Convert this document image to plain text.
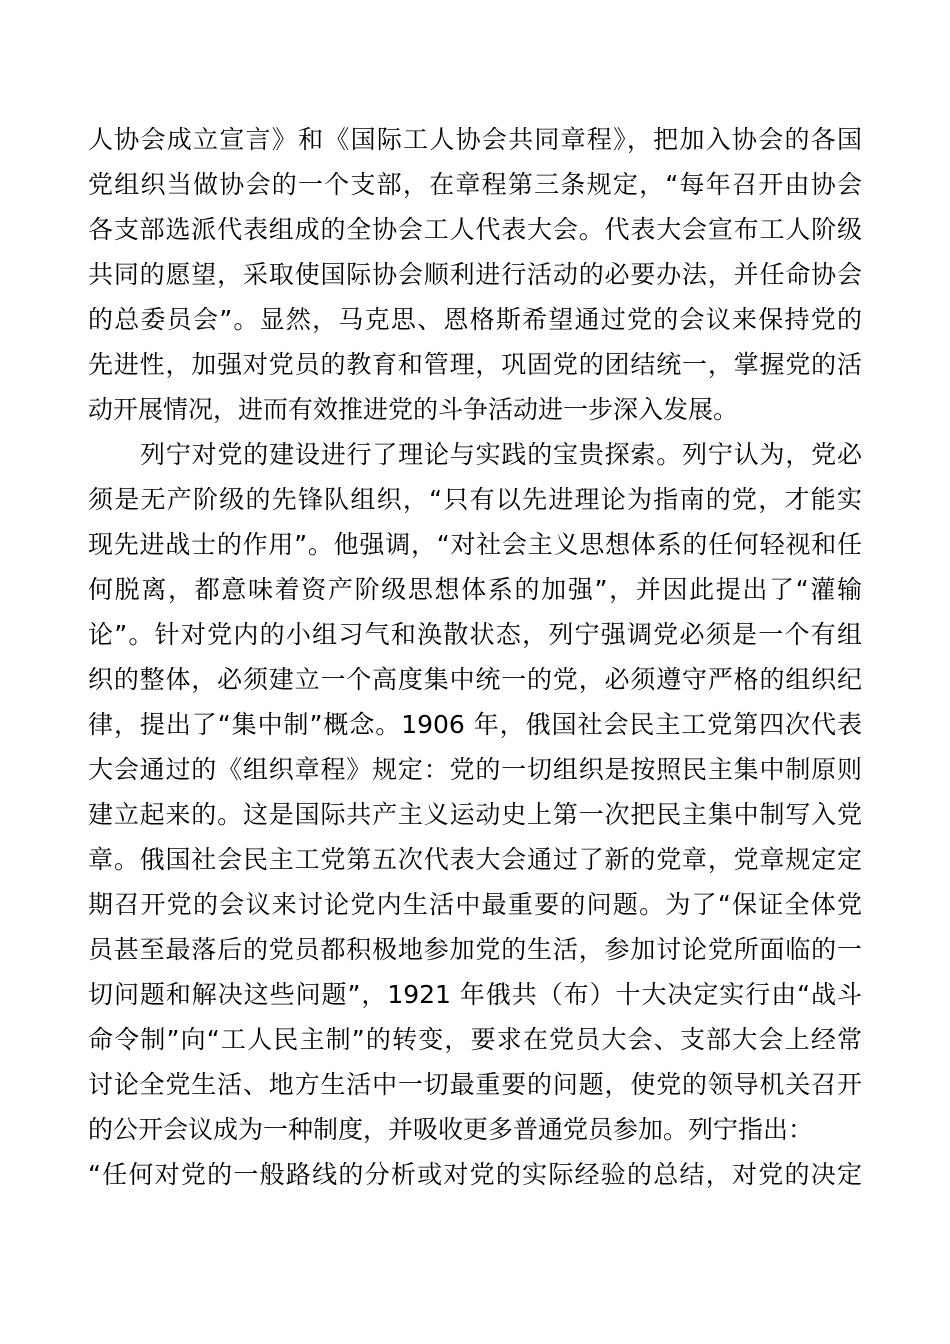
人协会成立宣言》和《国际工人协会共同章程》，把加入协会的各国
党组织当做协会的一个支部，在章程第三条规定，“每年召开由协会
各支部选派代表组成的全协会工人代表大会。代表大会宣布工人阶级
共同的愿望，采取使国际协会顺利进行活动的必要办法，并任命协会
的总委员会”。显然，马克思、恩格斯希望通过党的会议来保持党的
先进性，加强对党员的教育和管理，巩固党的团结统一，掌握党的活
动开展情况，进而有效推进党的斗争活动进一步深入发展。
列宁对党的建设进行了理论与实践的宝贵探索。列宁认为，党必
须是无产阶级的先锋队组织，“只有以先进理论为指南的党，才能实
现先进战士的作用”。他强调，“对社会主义思想体系的任何轻视和任
何脱离，都意味着资产阶级思想体系的加强”，并因此提出了“灌输
论”。针对党内的小组习气和涣散状态，列宁强调党必须是一个有组
织的整体，必须建立一个高度集中统一的党，必须遵守严格的组织纪
律，提出了“集中制”概念。1906 年，俄国社会民主工党第四次代表
大会通过的《组织章程》规定：党的一切组织是按照民主集中制原则
建立起来的。这是国际共产主义运动史上第一次把民主集中制写入党
章。俄国社会民主工党第五次代表大会通过了新的党章，党章规定定
期召开党的会议来讨论党内生活中最重要的问题。为了“保证全体党
员甚至最落后的党员都积极地参加党的生活，参加讨论党所面临的一
切问题和解决这些问题”，1921 年俄共（布）十大决定实行由“战斗
命令制”向“工人民主制”的转变，要求在党员大会、支部大会上经常
讨论全党生活、地方生活中一切最重要的问题，使党的领导机关召开
的公开会议成为一种制度，并吸收更多普通党员参加。列宁指出：
“任何对党的一般路线的分析或对党的实际经验的总结，对党的决定
